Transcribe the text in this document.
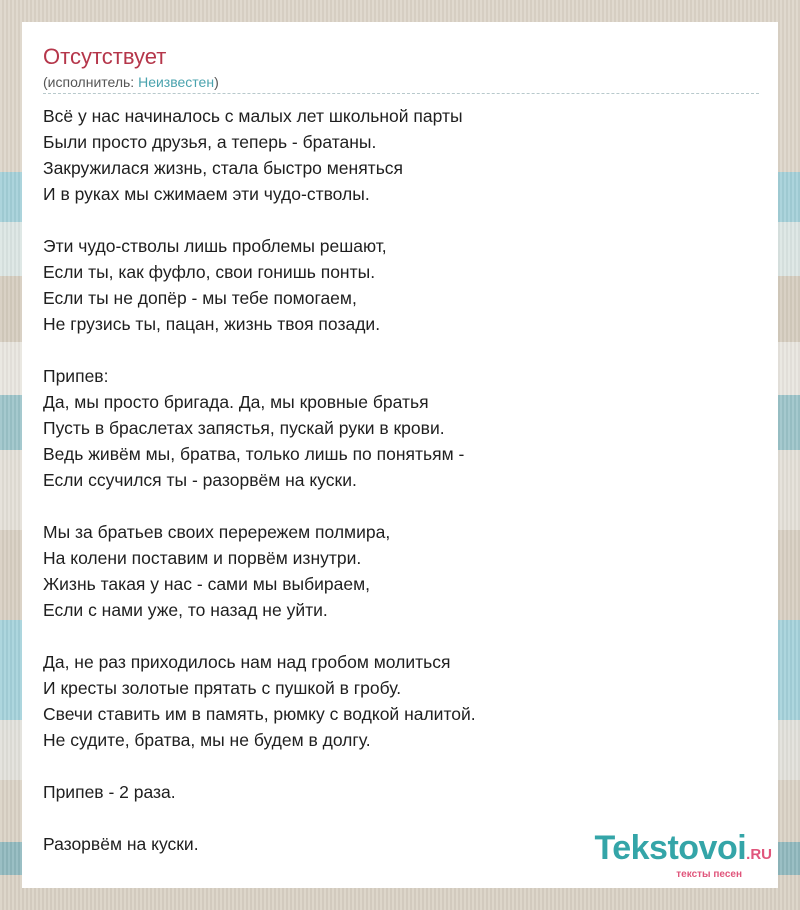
Отсутствует
(исполнитель: Неизвестен)
Всё у нас начиналось с малых лет школьной парты
Были просто друзья, а теперь - братаны.
Закружилася жизнь, стала быстро меняться
И в руках мы сжимаем эти чудо-стволы.
Эти чудо-стволы лишь проблемы решают,
Если ты, как фуфло, свои гонишь понты.
Если ты не допёр - мы тебе помогаем,
Не грузись ты, пацан, жизнь твоя позади.
Припев:
Да, мы просто бригада. Да, мы кровные братья
Пусть в браслетах запястья, пускай руки в крови.
Ведь живём мы, братва, только лишь по понятьям -
Если ссучился ты - разорвём на куски.
Мы за братьев своих перережем полмира,
На колени поставим и порвём изнутри.
Жизнь такая у нас - сами мы выбираем,
Если с нами уже, то назад не уйти.
Да, не раз приходилось нам над гробом молиться
И кресты золотые прятать с пушкой в гробу.
Свечи ставить им в память, рюмку с водкой налитой.
Не судите, братва, мы не будем в долгу.
Припев - 2 раза.
Разорвём на куски.	Tekstovoi.RU
тексты песен
